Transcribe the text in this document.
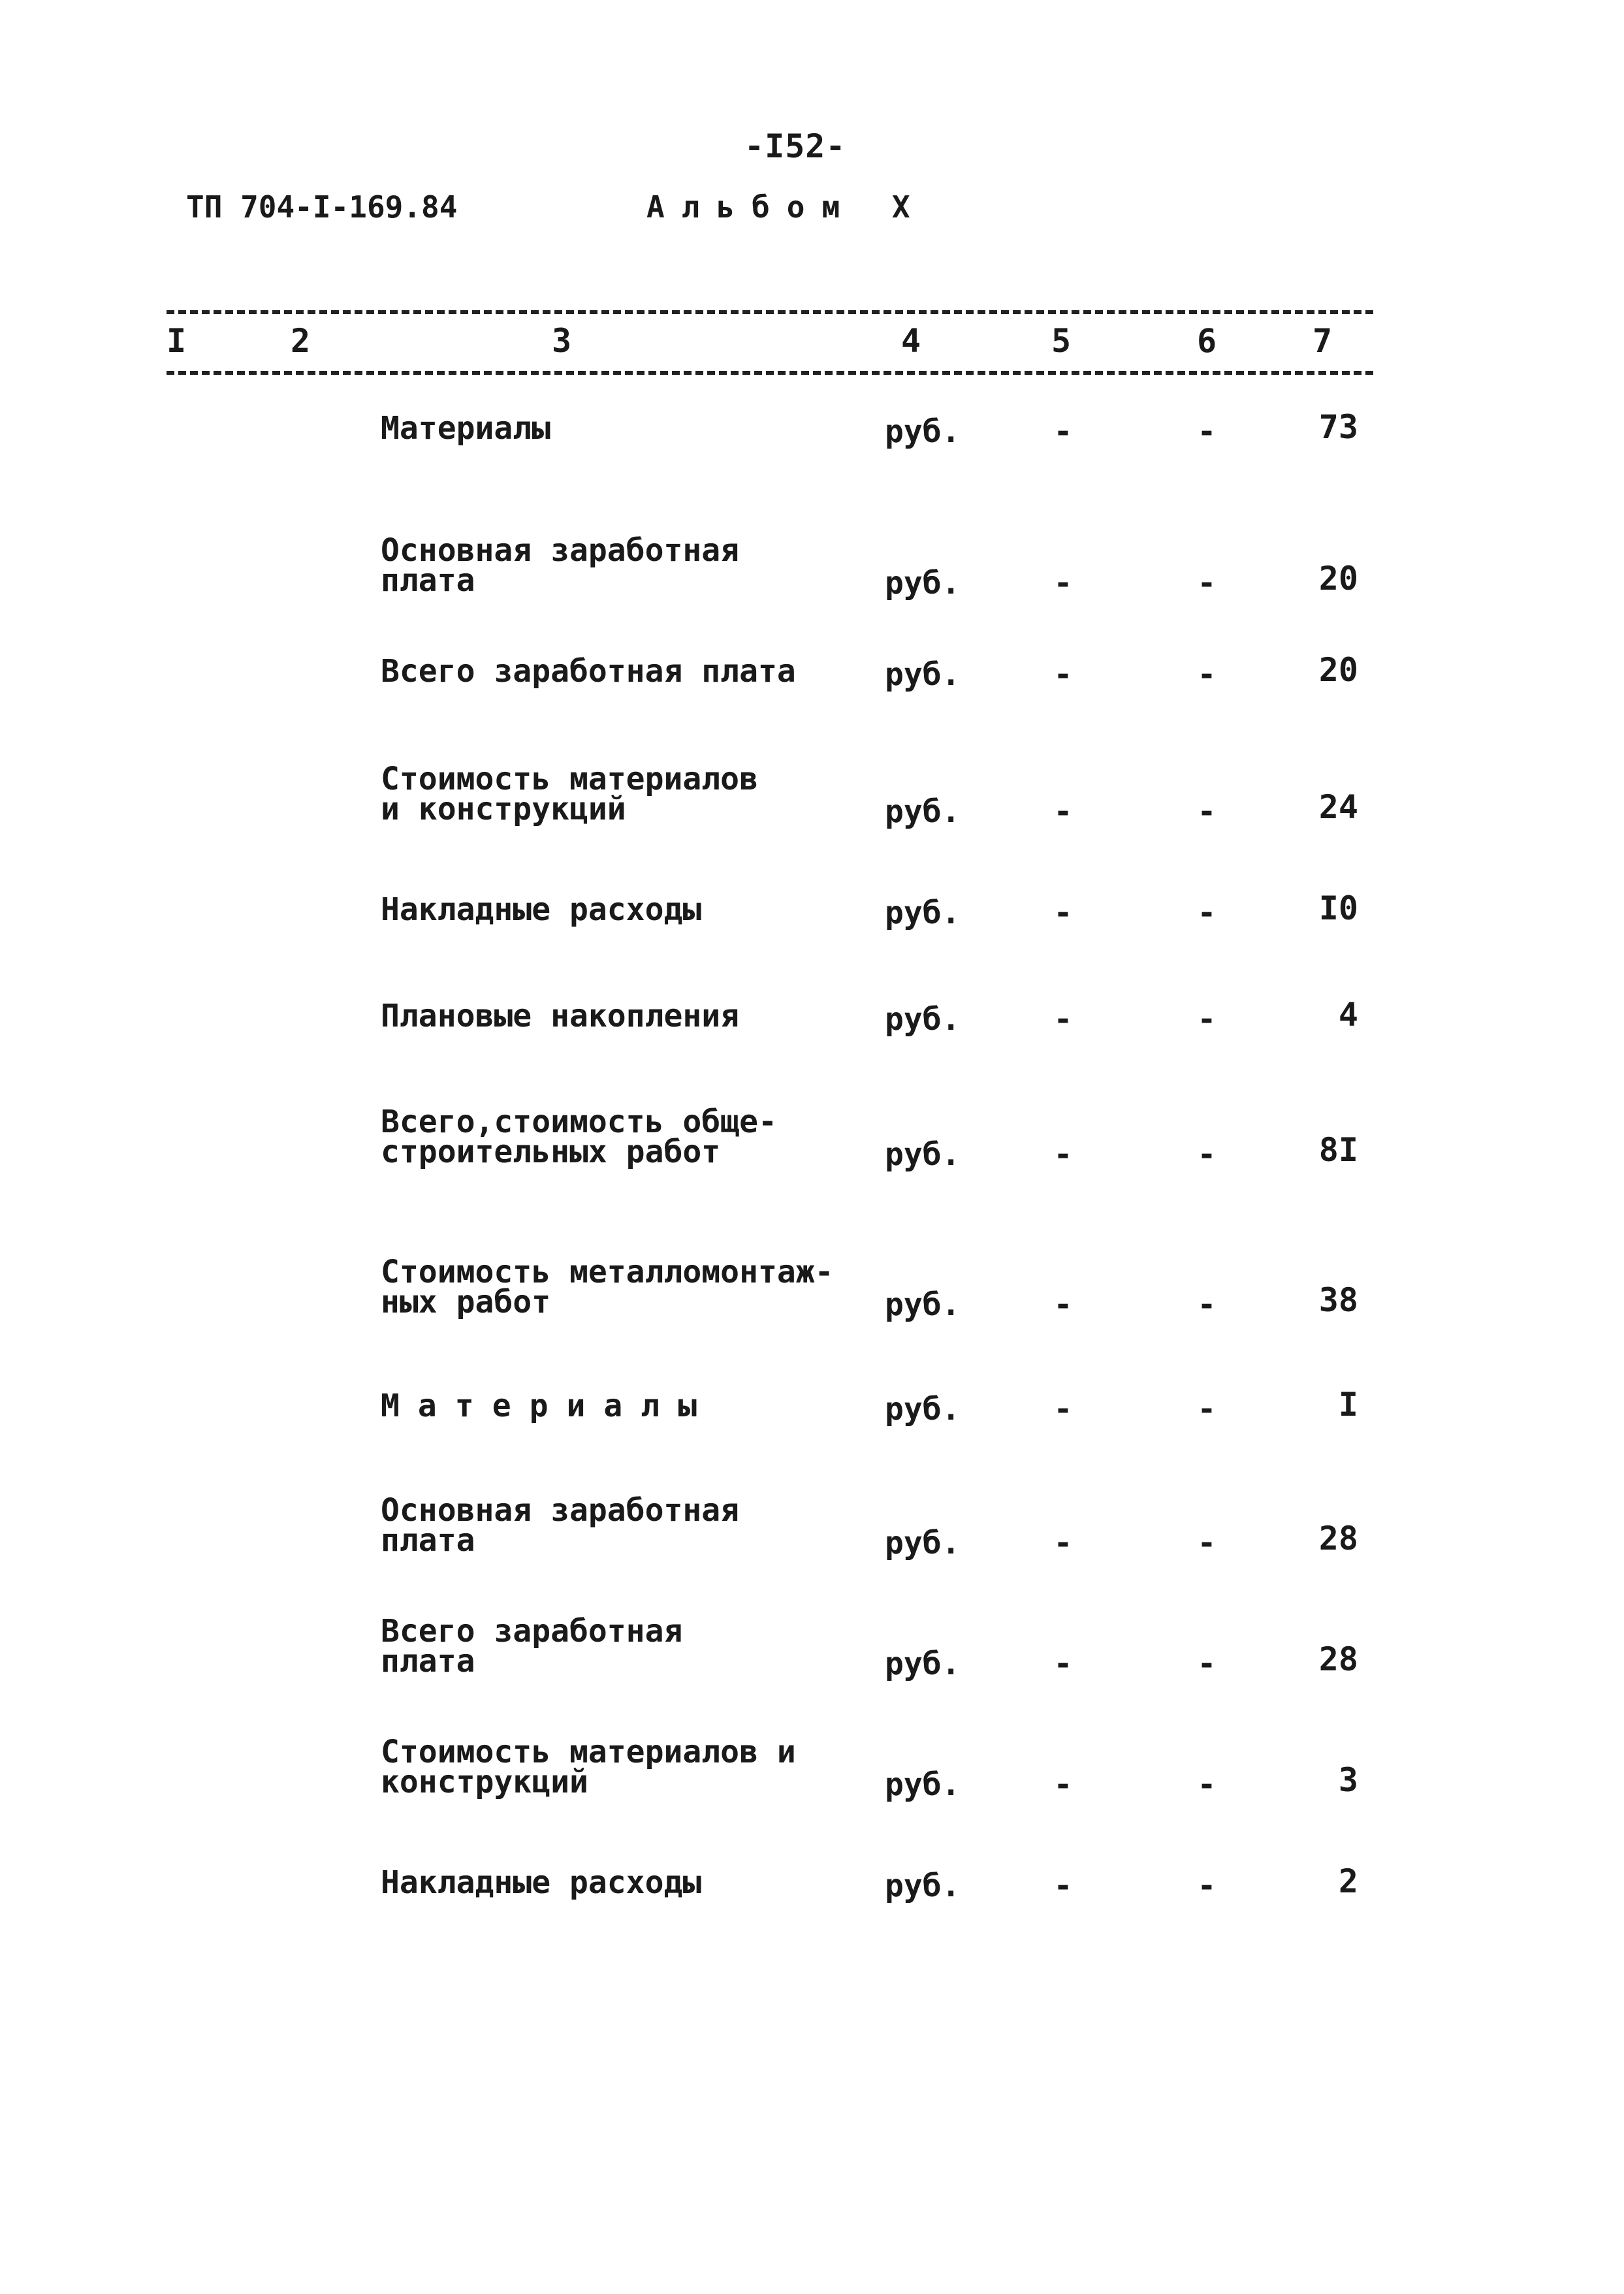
-I52-
ТП 704-I-169.84	Альбом X
I	2	3	4	5	6	7
Материалы	руб.	-	-	73
Основная заработная
плата	руб.	-	-	20
Всего заработная плата	руб.	-	-	20
Стоимость материалов
и конструкций	руб.	-	-	24
Накладные расходы	руб.	-	-	I0
Плановые накопления	руб.	-	-	4
Всего,стоимость обще-
строительных работ	руб.	-	-	8I
Стоимость металломонтаж-
ных работ	руб.	-	-	38
Материалы	руб.	-	-	I
Основная заработная
плата	руб.	-	-	28
Всего заработная
плата	руб.	-	-	28
Стоимость материалов и
конструкций	руб.	-	-	3
Накладные расходы	руб.	-	-	2
